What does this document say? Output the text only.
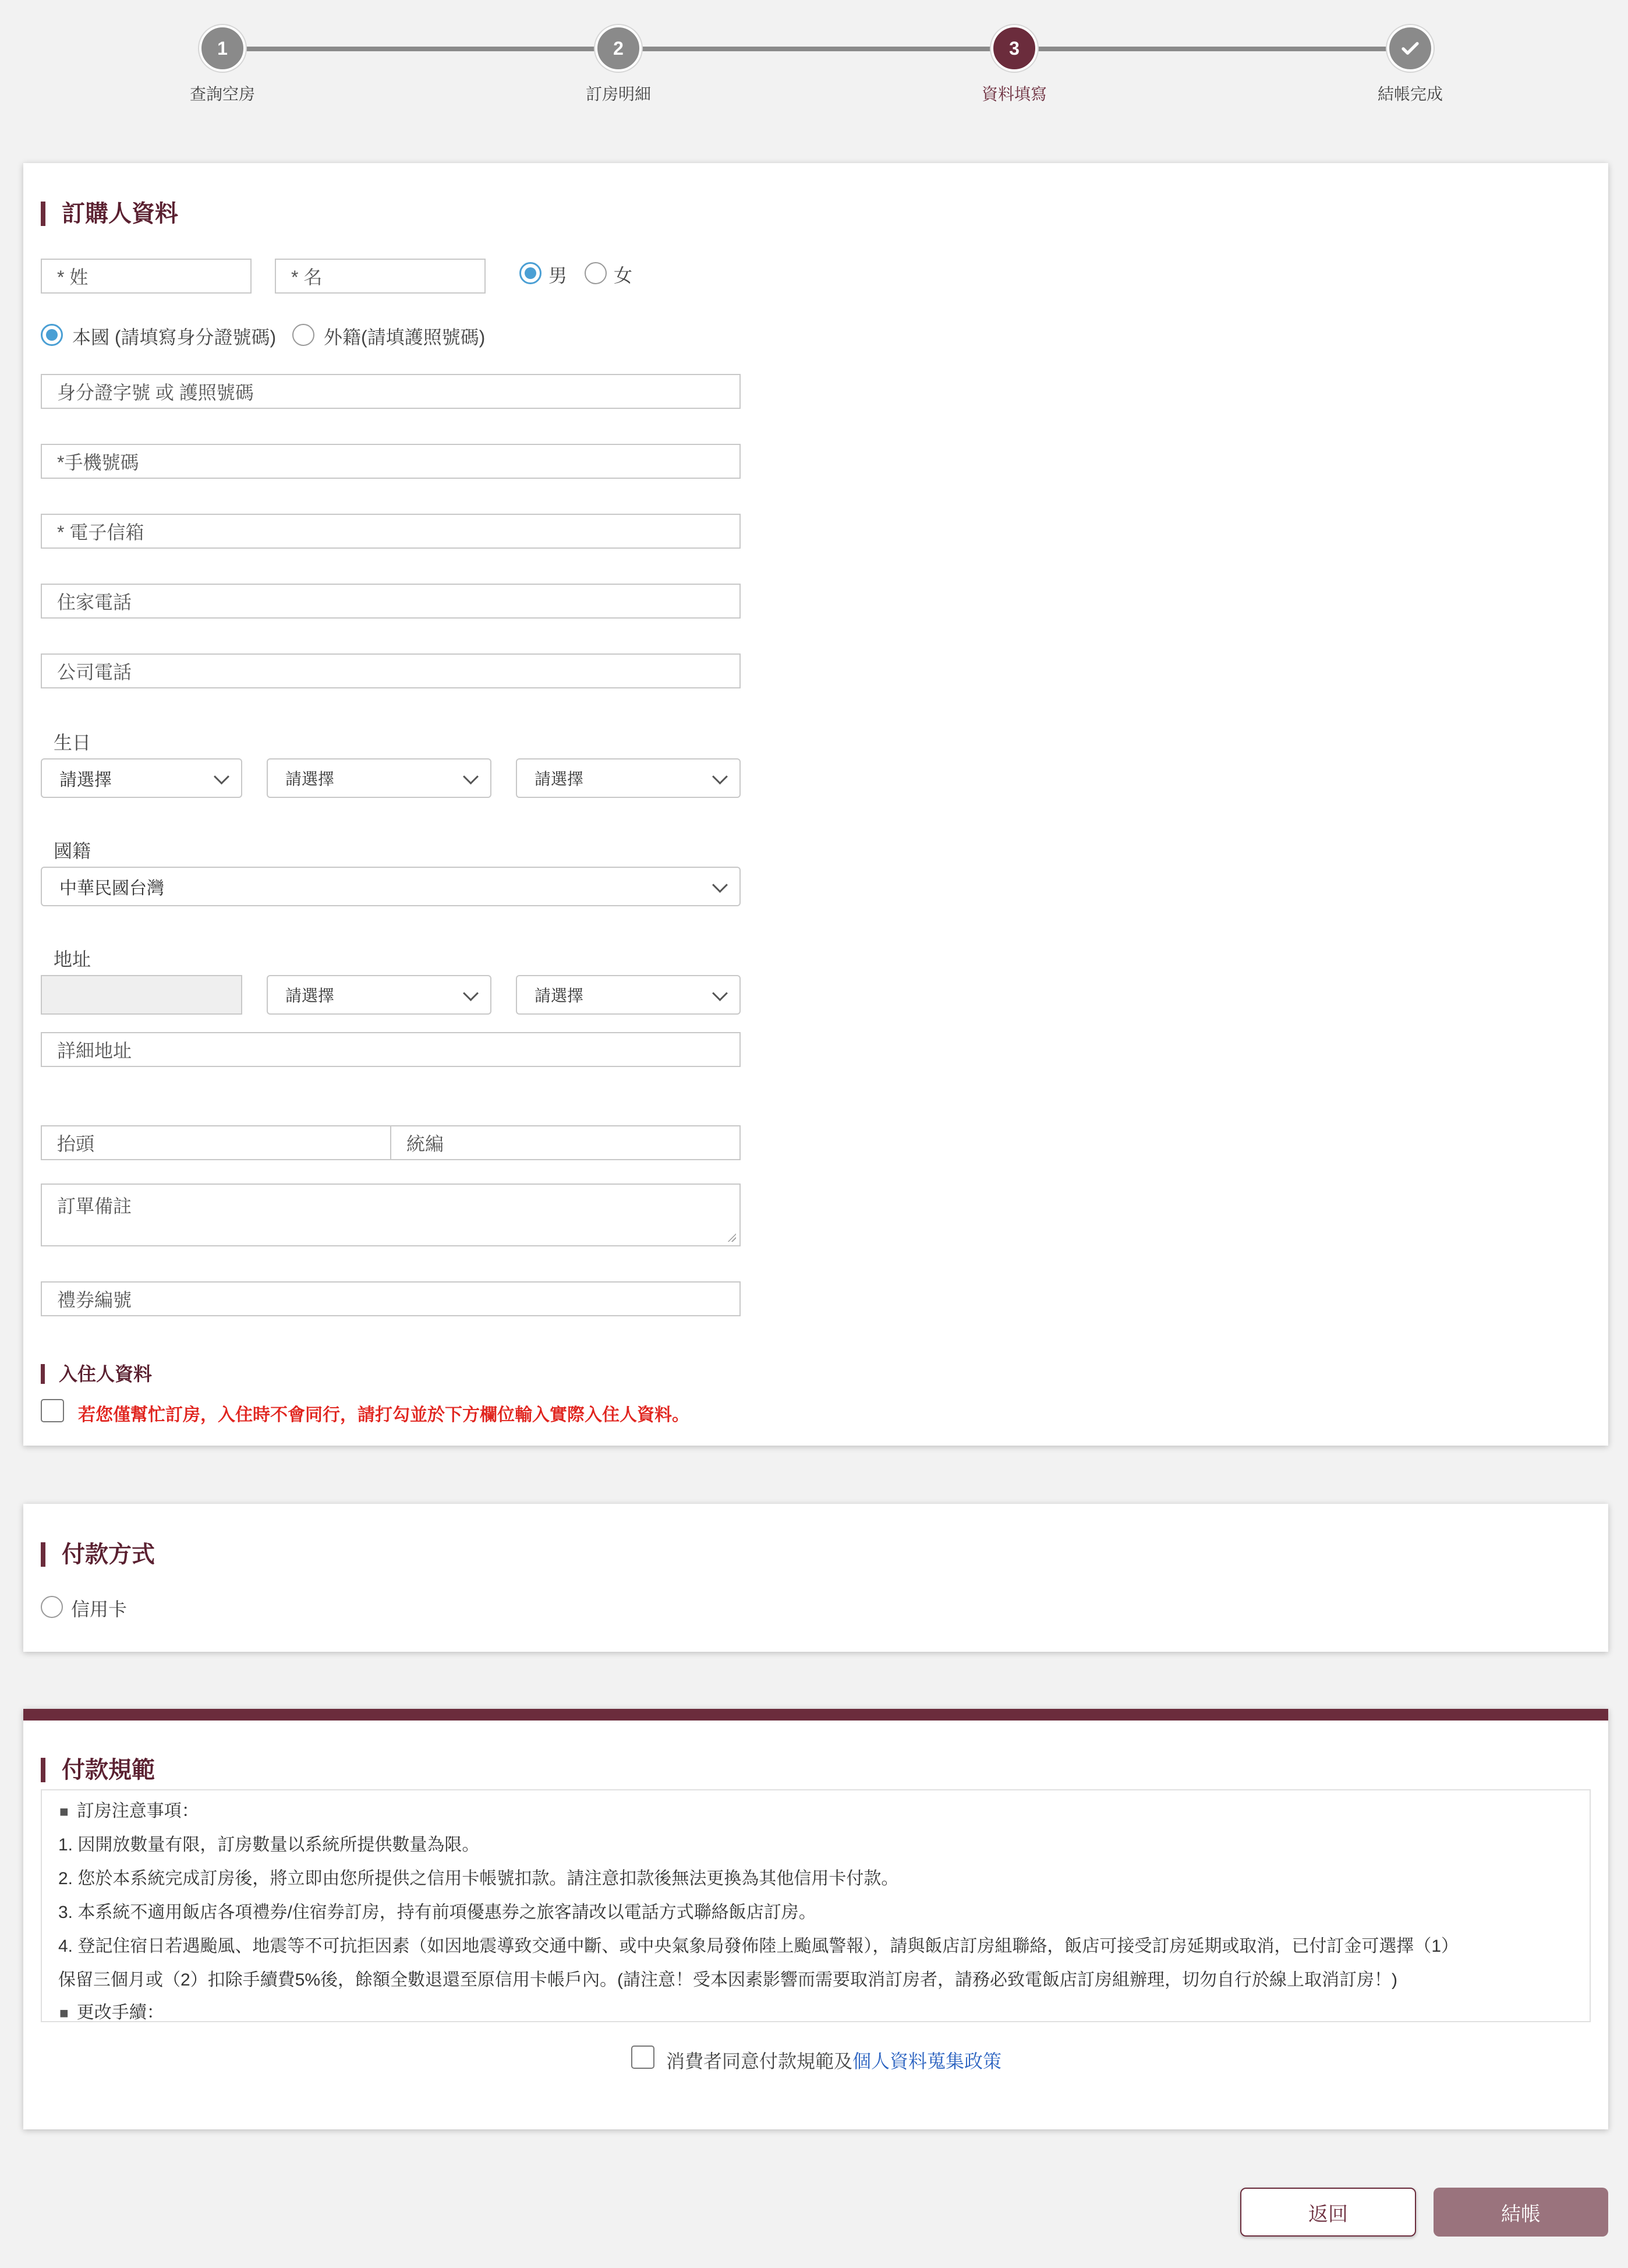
1	2	3
查詢空房	訂房明細	資料填寫	結帳完成
訂購人資料
* 姓	* 名	男 女
本國 (請填寫身分證號碼)	外籍(請填護照號碼)
身分證字號 或 護照號碼
*手機號碼
* 電子信箱
住家電話
公司電話
生日
請選擇	請選擇	請選擇
國籍
中華民國台灣
地址
請選擇	請選擇
詳細地址
抬頭	統編
訂單備註
禮券編號
入住人資料
若您僅幫忙訂房，入住時不會同行，請打勾並於下方欄位輸入實際入住人資料。
付款方式
信用卡
付款規範
■ 訂房注意事項：
1. 因開放數量有限，訂房數量以系統所提供數量為限。
2. 您於本系統完成訂房後，將立即由您所提供之信用卡帳號扣款。請注意扣款後無法更換為其他信用卡付款。
3. 本系統不適用飯店各項禮券/住宿券訂房，持有前項優惠券之旅客請改以電話方式聯絡飯店訂房。
4. 登記住宿日若遇颱風、地震等不可抗拒因素（如因地震導致交通中斷、或中央氣象局發佈陸上颱風警報），請與飯店訂房組聯絡，飯店可接受訂房延期或取消，已付訂金可選擇（1）
保留三個月或（2）扣除手續費5%後，餘額全數退還至原信用卡帳戶內。(請注意！受本因素影響而需要取消訂房者，請務必致電飯店訂房組辦理，切勿自行於線上取消訂房！)
■ 更改手續：
消費者同意付款規範及個人資料蒐集政策
返回	結帳
